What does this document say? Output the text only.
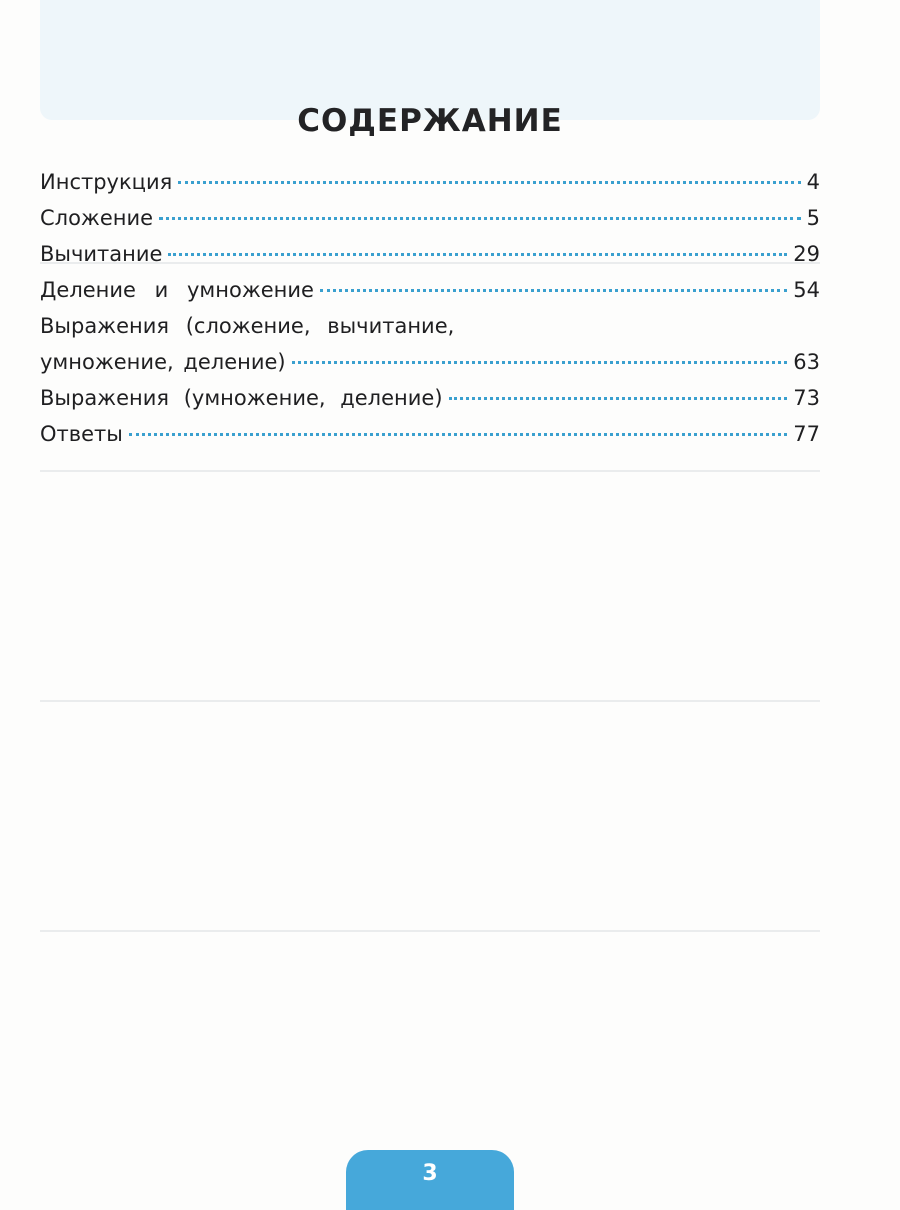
СОДЕРЖАНИЕ
Инструкция	4
Сложение	5
Вычитание	29
Деление и умножение	54
Выражения (сложение, вычитание,
умножение, деление)	63
Выражения (умножение, деление)	73
Ответы	77
3
